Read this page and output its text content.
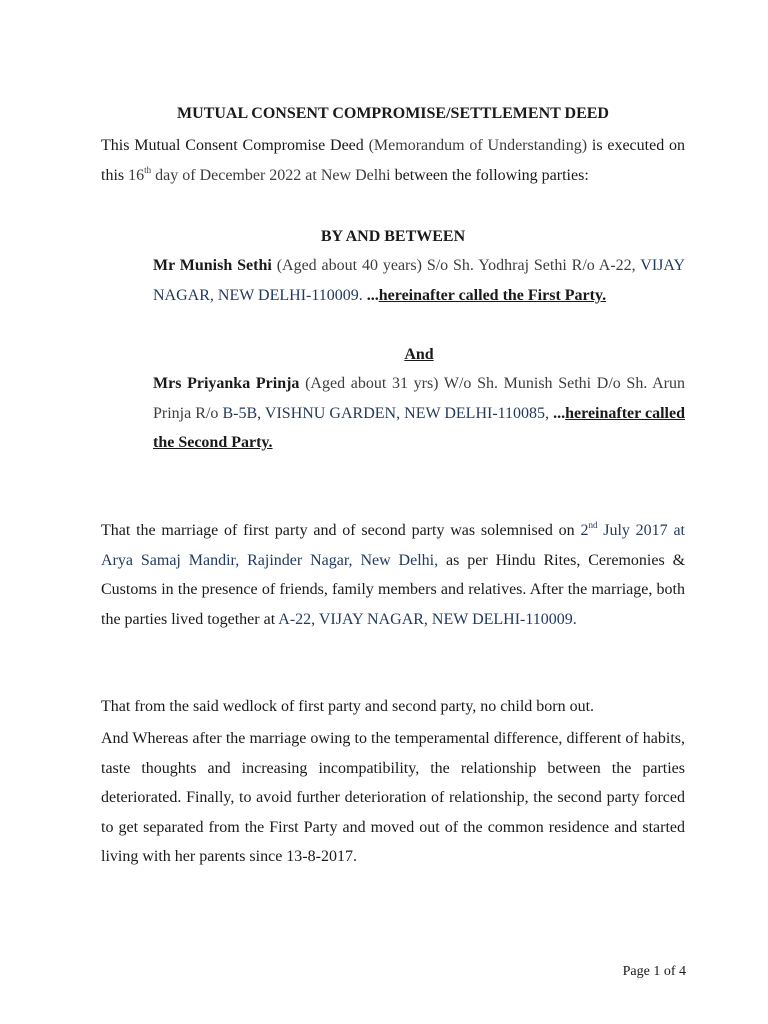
MUTUAL CONSENT COMPROMISE/SETTLEMENT DEED
This Mutual Consent Compromise Deed (Memorandum of Understanding) is executed on this 16th day of December 2022 at New Delhi between the following parties:
BY AND BETWEEN
Mr Munish Sethi (Aged about 40 years) S/o Sh. Yodhraj Sethi R/o A-22, VIJAY NAGAR, NEW DELHI-110009. ...hereinafter called the First Party.
And
Mrs Priyanka Prinja (Aged about 31 yrs) W/o Sh. Munish Sethi D/o Sh. Arun Prinja R/o B-5B, VISHNU GARDEN, NEW DELHI-110085, ...hereinafter called the Second Party.
That the marriage of first party and of second party was solemnised on 2nd July 2017 at Arya Samaj Mandir, Rajinder Nagar, New Delhi, as per Hindu Rites, Ceremonies & Customs in the presence of friends, family members and relatives. After the marriage, both the parties lived together at A-22, VIJAY NAGAR, NEW DELHI-110009.
That from the said wedlock of first party and second party, no child born out.
And Whereas after the marriage owing to the temperamental difference, different of habits, taste thoughts and increasing incompatibility, the relationship between the parties deteriorated. Finally, to avoid further deterioration of relationship, the second party forced to get separated from the First Party and moved out of the common residence and started living with her parents since 13-8-2017.
Page 1 of 4
